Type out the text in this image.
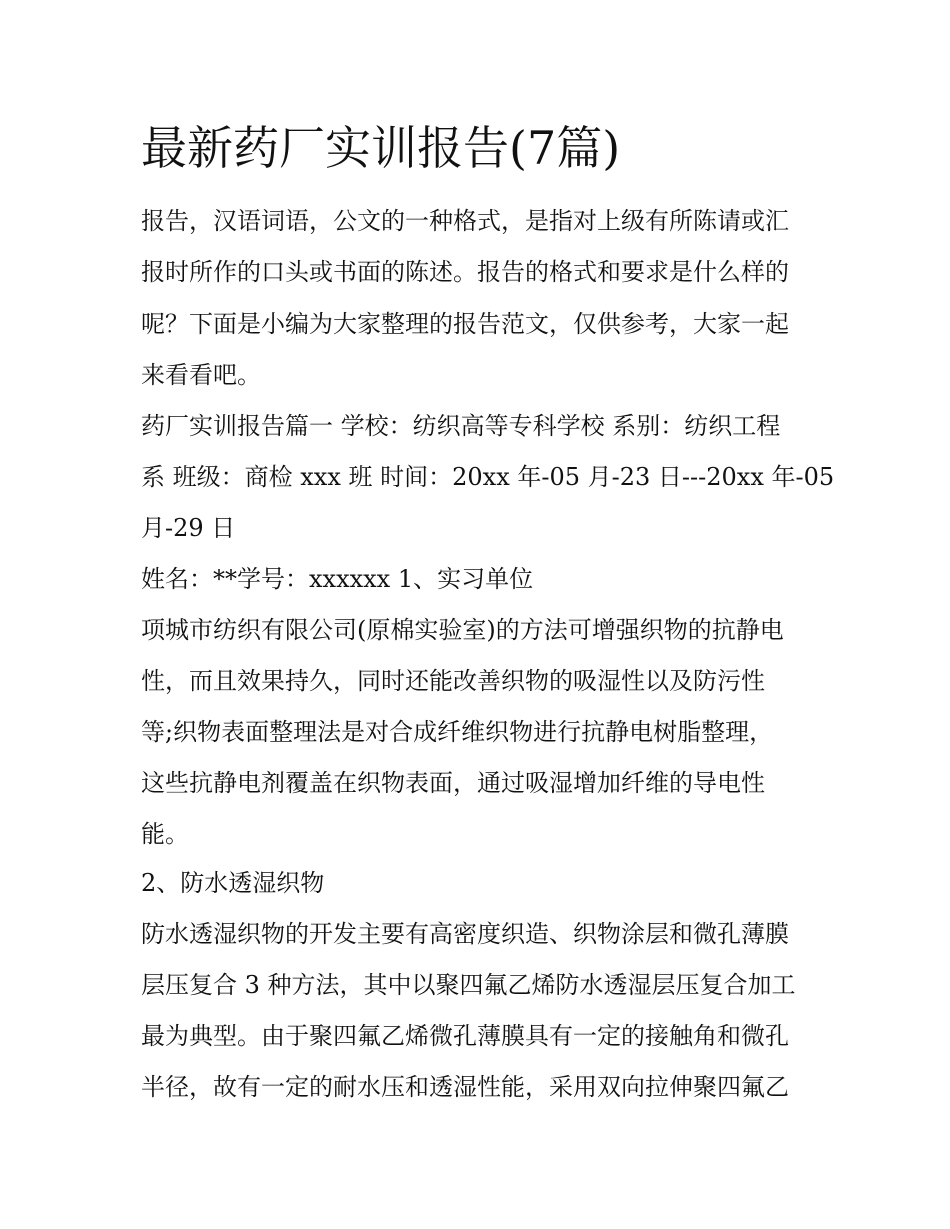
最新药厂实训报告(7篇)
报告，汉语词语，公文的一种格式，是指对上级有所陈请或汇
报时所作的口头或书面的陈述。报告的格式和要求是什么样的
呢？下面是小编为大家整理的报告范文，仅供参考，大家一起
来看看吧。
药厂实训报告篇一 学校：纺织高等专科学校 系别：纺织工程
系 班级：商检 xxx 班 时间：20xx 年-05 月-23 日---20xx 年-05
月-29 日
姓名：**学号：xxxxxx 1、实习单位
项城市纺织有限公司(原棉实验室)的方法可增强织物的抗静电
性，而且效果持久，同时还能改善织物的吸湿性以及防污性
等;织物表面整理法是对合成纤维织物进行抗静电树脂整理，
这些抗静电剂覆盖在织物表面，通过吸湿增加纤维的导电性
能。
2、防水透湿织物
防水透湿织物的开发主要有高密度织造、织物涂层和微孔薄膜
层压复合 3 种方法，其中以聚四氟乙烯防水透湿层压复合加工
最为典型。由于聚四氟乙烯微孔薄膜具有一定的接触角和微孔
半径，故有一定的耐水压和透湿性能，采用双向拉伸聚四氟乙
